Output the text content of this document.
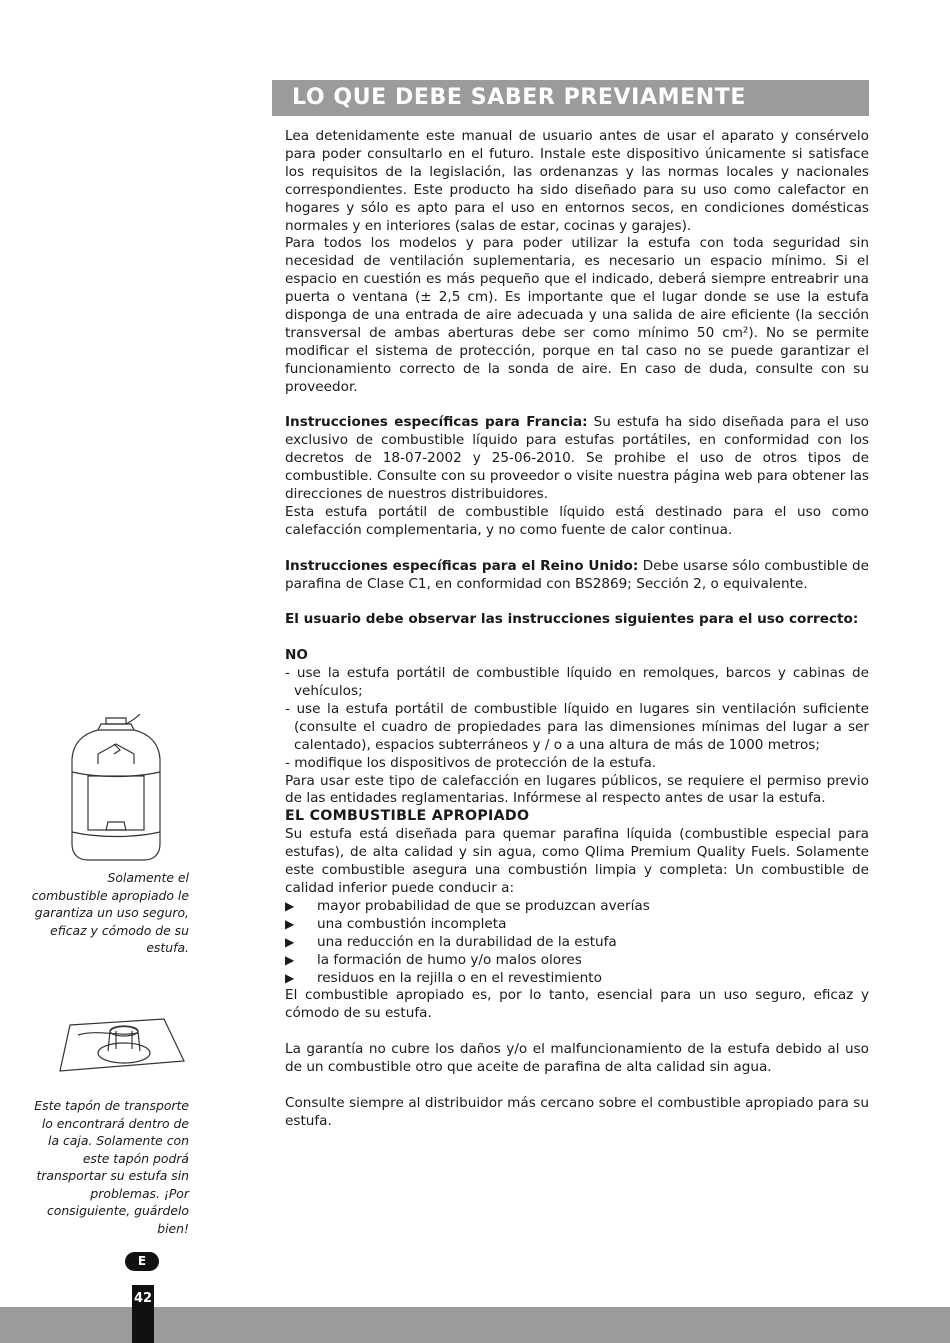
LO QUE DEBE SABER PREVIAMENTE

Lea detenidamente este manual de usuario antes de usar el aparato y consérvelo para poder consultarlo en el futuro. Instale este dispositivo únicamente si satisface los requisitos de la legislación, las ordenanzas y las normas locales y nacionales correspondientes. Este producto ha sido diseñado para su uso como calefactor en hogares y sólo es apto para el uso en entornos secos, en condiciones domésticas normales y en interiores (salas de estar, cocinas y garajes).

Para todos los modelos y para poder utilizar la estufa con toda seguridad sin necesidad de ventilación suplementaria, es necesario un espacio mínimo. Si el espacio en cuestión es más pequeño que el indicado, deberá siempre entreabrir una puerta o ventana (± 2,5 cm). Es importante que el lugar donde se use la estufa disponga de una entrada de aire adecuada y una salida de aire eficiente (la sección transversal de ambas aberturas debe ser como mínimo 50 cm²). No se permite modificar el sistema de protección, porque en tal caso no se puede garantizar el funcionamiento correcto de la sonda de aire. En caso de duda, consulte con su proveedor.

Instrucciones específicas para Francia: Su estufa ha sido diseñada para el uso exclusivo de combustible líquido para estufas portátiles, en conformidad con los decretos de 18-07-2002 y 25-06-2010. Se prohibe el uso de otros tipos de combustible. Consulte con su proveedor o visite nuestra página web para obtener las direcciones de nuestros distribuidores.

Esta estufa portátil de combustible líquido está destinado para el uso como calefacción complementaria, y no como fuente de calor continua.

Instrucciones específicas para el Reino Unido: Debe usarse sólo combustible de parafina de Clase C1, en conformidad con BS2869; Sección 2, o equivalente.

El usuario debe observar las instrucciones siguientes para el uso correcto:

NO

- use la estufa portátil de combustible líquido en remolques, barcos y cabinas de vehículos;

- use la estufa portátil de combustible líquido en lugares sin ventilación suficiente (consulte el cuadro de propiedades para las dimensiones mínimas del lugar a ser calentado), espacios subterráneos y / o a una altura de más de 1000 metros;

- modifique los dispositivos de protección de la estufa.

Para usar este tipo de calefacción en lugares públicos, se requiere el permiso previo de las entidades reglamentarias. Infórmese al respecto antes de usar la estufa.

EL COMBUSTIBLE APROPIADO

Su estufa está diseñada para quemar parafina líquida (combustible especial para estufas), de alta calidad y sin agua, como Qlima Premium Quality Fuels. Solamente este combustible asegura una combustión limpia y completa: Un combustible de calidad inferior puede conducir a:

▶	mayor probabilidad de que se produzcan averías
▶	una combustión incompleta
▶	una reducción en la durabilidad de la estufa
▶	la formación de humo y/o malos olores
▶	residuos en la rejilla o en el revestimiento

El combustible apropiado es, por lo tanto, esencial para un uso seguro, eficaz y cómodo de su estufa.

La garantía no cubre los daños y/o el malfuncionamiento de la estufa debido al uso de un combustible otro que aceite de parafina de alta calidad sin agua.

Consulte siempre al distribuidor más cercano sobre el combustible apropiado para su estufa.

Solamente el combustible apropiado le garantiza un uso seguro, eficaz y cómodo de su estufa.
Este tapón de transporte lo encontrará dentro de la caja. Solamente con este tapón podrá transportar su estufa sin problemas. ¡Por consiguiente, guárdelo bien!
E
42
